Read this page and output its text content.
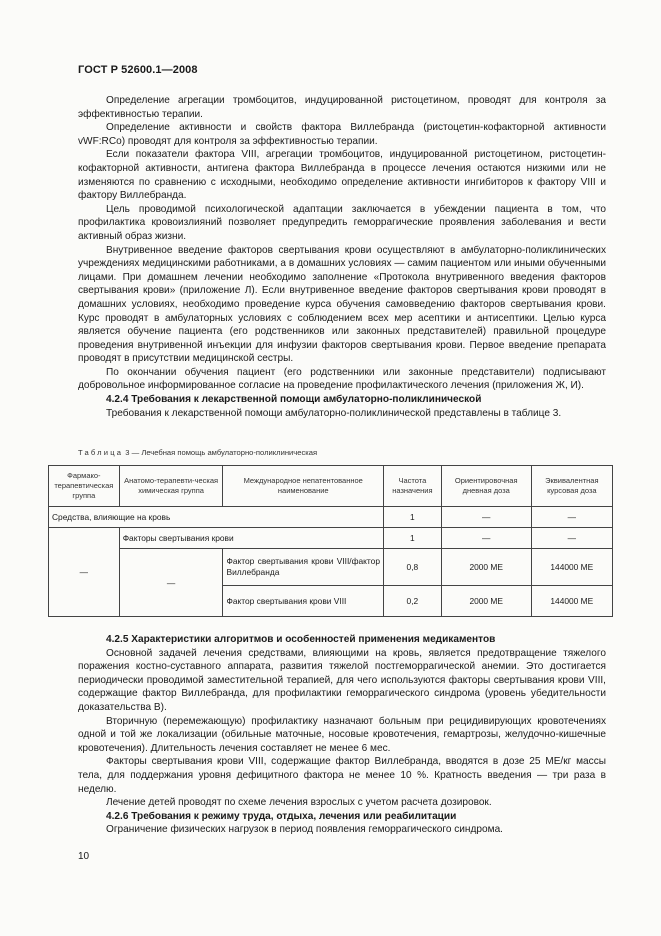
ГОСТ Р 52600.1—2008

Определение агрегации тромбоцитов, индуцированной ристоцетином, проводят для контроля за эффективностью терапии.

Определение активности и свойств фактора Виллебранда (ристоцетин-кофакторной активности vWF:RCo) проводят для контроля за эффективностью терапии.

Если показатели фактора VIII, агрегации тромбоцитов, индуцированной ристоцетином, ристоцетин-кофакторной активности, антигена фактора Виллебранда в процессе лечения остаются низкими или не изменяются по сравнению с исходными, необходимо определение активности ингибиторов к фактору VIII и фактору Виллебранда.

Цель проводимой психологической адаптации заключается в убеждении пациента в том, что профилактика кровоизлияний позволяет предупредить геморрагические проявления заболевания и вести активный образ жизни.

Внутривенное введение факторов свертывания крови осуществляют в амбулаторно-поликлинических учреждениях медицинскими работниками, а в домашних условиях — самим пациентом или иными обученными лицами. При домашнем лечении необходимо заполнение «Протокола внутривенного введения факторов свертывания крови» (приложение Л). Если внутривенное введение факторов свертывания крови проводят в домашних условиях, необходимо проведение курса обучения самовведению факторов свертывания крови. Курс проводят в амбулаторных условиях с соблюдением всех мер асептики и антисептики. Целью курса является обучение пациента (его родственников или законных представителей) правильной процедуре проведения внутривенной инъекции для инфузии факторов свертывания крови. Первое введение препарата проводят в присутствии медицинской сестры.

По окончании обучения пациент (его родственники или законные представители) подписывают добровольное информированное согласие на проведение профилактического лечения (приложения Ж, И).

4.2.4 Требования к лекарственной помощи амбулаторно-поликлинической

Требования к лекарственной помощи амбулаторно-поликлинической представлены в таблице 3.

Таблица 3 — Лечебная помощь амбулаторно-поликлиническая
Фармако-терапевтическая группа	Анатомо-терапевти-ческая химическая группа	Международное непатентованное наименование	Частота назначения	Ориентировочная дневная доза	Эквивалентная курсовая доза
Средства, влияющие на кровь			1	—	—
—	Факторы свертывания крови		1	—	—
	—	Фактор свертывания крови VIII/фактор Виллебранда	0,8	2000 МЕ	144000 МЕ
		Фактор свертывания крови VIII	0,2	2000 МЕ	144000 МЕ

4.2.5 Характеристики алгоритмов и особенностей применения медикаментов

Основной задачей лечения средствами, влияющими на кровь, является предотвращение тяжелого поражения костно-суставного аппарата, развития тяжелой постгеморрагической анемии. Это достигается периодически проводимой заместительной терапией, для чего используются факторы свертывания крови VIII, содержащие фактор Виллебранда, для профилактики геморрагического синдрома (уровень убедительности доказательства В).

Вторичную (перемежающую) профилактику назначают больным при рецидивирующих кровотечениях одной и той же локализации (обильные маточные, носовые кровотечения, гемартрозы, желудочно-кишечные кровотечения). Длительность лечения составляет не менее 6 мес.

Факторы свертывания крови VIII, содержащие фактор Виллебранда, вводятся в дозе 25 МЕ/кг массы тела, для поддержания уровня дефицитного фактора не менее 10 %. Кратность введения — три раза в неделю.

Лечение детей проводят по схеме лечения взрослых с учетом расчета дозировок.

4.2.6 Требования к режиму труда, отдыха, лечения или реабилитации

Ограничение физических нагрузок в период появления геморрагического синдрома.

10
